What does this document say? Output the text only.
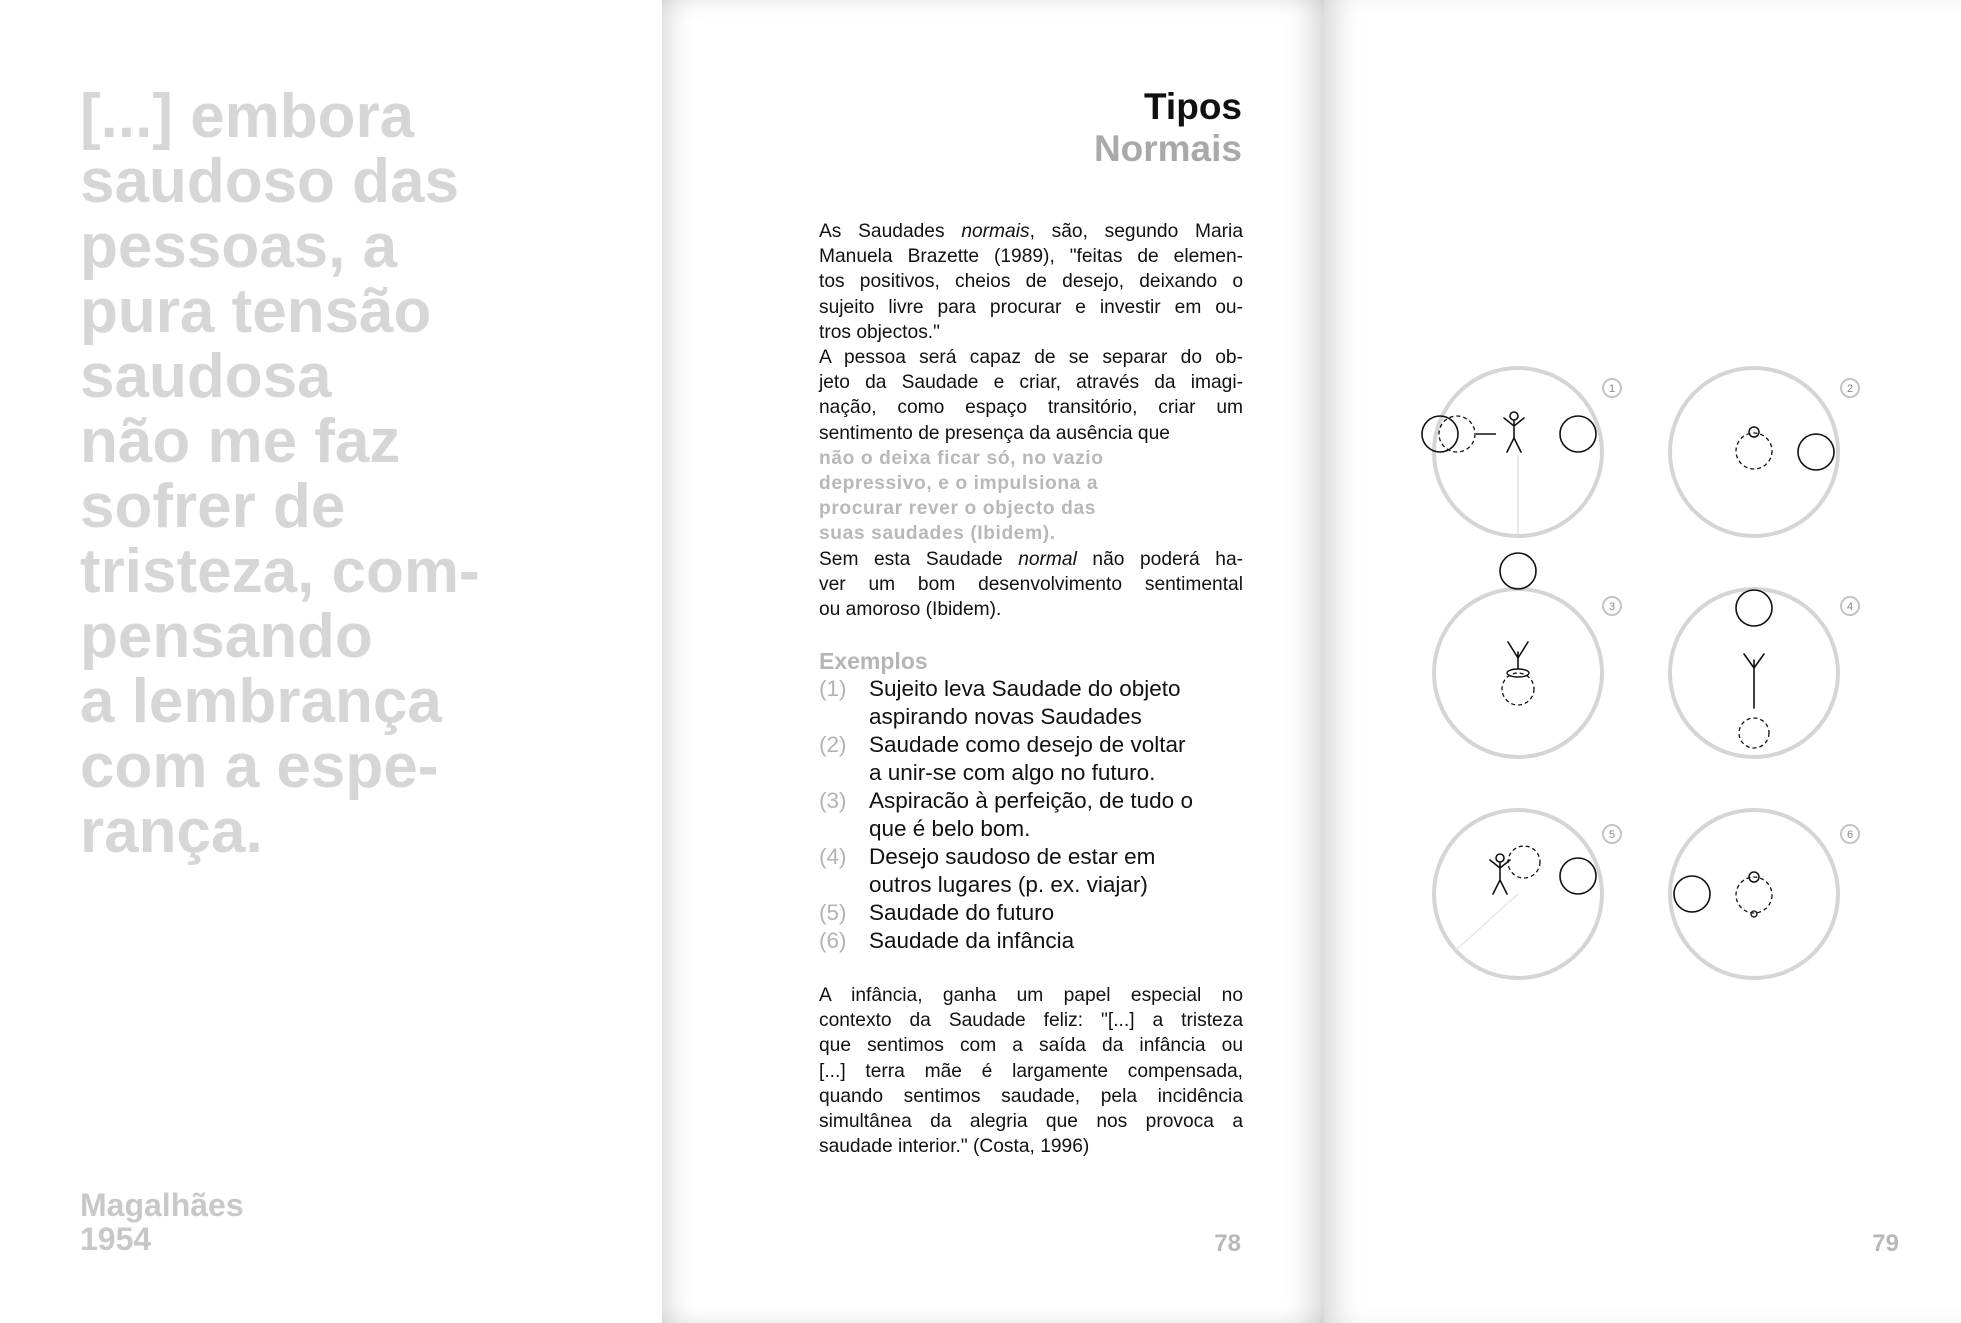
[...] embora
saudoso das
pessoas, a
pura tensão
saudosa
não me faz
sofrer de
tristeza, com-
pensando
a lembrança
com a espe-
rança.
Magalhães
1954
Tipos
Normais
As Saudades normais, são, segundo Maria
Manuela Brazette (1989), "feitas de elemen-
tos positivos, cheios de desejo, deixando o
sujeito livre para procurar e investir em ou-
tros objectos."
A pessoa será capaz de se separar do ob-
jeto da Saudade e criar, através da imagi-
nação, como espaço transitório, criar um
sentimento de presença da ausência que
não o deixa ficar só, no vazio
depressivo, e o impulsiona a
procurar rever o objecto das
suas saudades (Ibidem).
Sem esta Saudade normal não poderá ha-
ver um bom desenvolvimento sentimental
ou amoroso (Ibidem).
Exemplos
(1) Sujeito leva Saudade do objeto
aspirando novas Saudades
(2) Saudade como desejo de voltar
a unir-se com algo no futuro.
(3) Aspiracão à perfeição, de tudo o
que é belo bom.
(4) Desejo saudoso de estar em
outros lugares (p. ex. viajar)
(5) Saudade do futuro
(6) Saudade da infância
A infância, ganha um papel especial no
contexto da Saudade feliz: "[...] a tristeza
que sentimos com a saída da infância ou
[...] terra mãe é largamente compensada,
quando sentimos saudade, pela incidência
simultânea da alegria que nos provoca a
saudade interior." (Costa, 1996)
78
1	2
3	4
5	6
79
